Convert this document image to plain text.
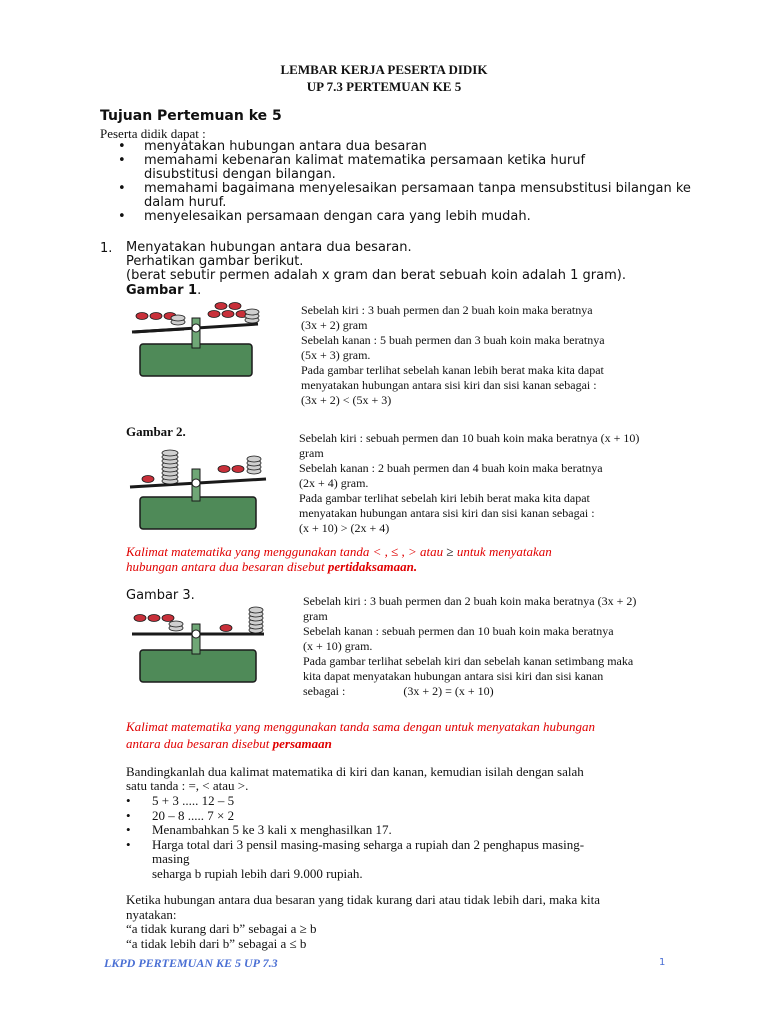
LEMBAR KERJA PESERTA DIDIK
UP 7.3 PERTEMUAN KE 5
Tujuan Pertemuan ke 5
Peserta didik dapat :
• menyatakan hubungan antara dua besaran
• memahami kebenaran kalimat matematika persamaan ketika huruf disubstitusi dengan bilangan.
• memahami bagaimana menyelesaikan persamaan tanpa mensubstitusi bilangan ke dalam huruf.
• menyelesaikan persamaan dengan cara yang lebih mudah.
1. Menyatakan hubungan antara dua besaran.
Perhatikan gambar berikut.
(berat sebutir permen adalah x gram dan berat sebuah koin adalah 1 gram).
Gambar 1.
Sebelah kiri : 3 buah permen dan 2 buah koin maka beratnya
(3x + 2) gram
Sebelah kanan : 5 buah permen dan 3 buah koin maka beratnya
(5x + 3) gram.
Pada gambar terlihat sebelah kanan lebih berat maka kita dapat
menyatakan hubungan antara sisi kiri dan sisi kanan sebagai :
(3x + 2) < (5x + 3)
Gambar 2.	Sebelah kiri : sebuah permen dan 10 buah koin maka beratnya (x + 10)
gram
Sebelah kanan : 2 buah permen dan 4 buah koin maka beratnya
(2x + 4) gram.
Pada gambar terlihat sebelah kiri lebih berat maka kita dapat
menyatakan hubungan antara sisi kiri dan sisi kanan sebagai :
(x + 10) > (2x + 4)
Kalimat matematika yang menggunakan tanda < , ≤ , > atau ≥ untuk menyatakan
hubungan antara dua besaran disebut pertidaksamaan.
Gambar 3.	Sebelah kiri : 3 buah permen dan 2 buah koin maka beratnya (3x + 2)
gram
Sebelah kanan : sebuah permen dan 10 buah koin maka beratnya
(x + 10) gram.
Pada gambar terlihat sebelah kiri dan sebelah kanan setimbang maka
kita dapat menyatakan hubungan antara sisi kiri dan sisi kanan
sebagai :	(3x + 2) = (x + 10)
Kalimat matematika yang menggunakan tanda sama dengan untuk menyatakan hubungan
antara dua besaran disebut persamaan
Bandingkanlah dua kalimat matematika di kiri dan kanan, kemudian isilah dengan salah
satu tanda : =, < atau >.
• 5 + 3 ..... 12 – 5
• 20 – 8 ..... 7 × 2
• Menambahkan 5 ke 3 kali x menghasilkan 17.
• Harga total dari 3 pensil masing-masing seharga a rupiah dan 2 penghapus masing-
masing
seharga b rupiah lebih dari 9.000 rupiah.
Ketika hubungan antara dua besaran yang tidak kurang dari atau tidak lebih dari, maka kita
nyatakan:
“a tidak kurang dari b” sebagai a ≥ b
“a tidak lebih dari b” sebagai a ≤ b
LKPD PERTEMUAN KE 5 UP 7.3	1
